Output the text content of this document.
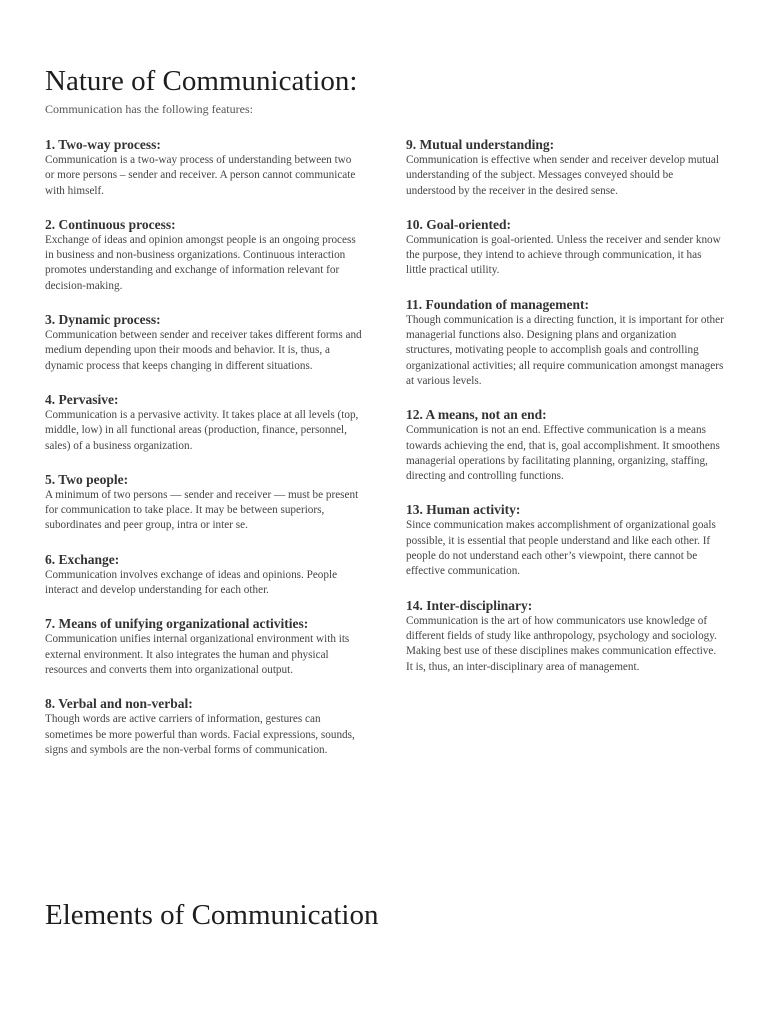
Nature of Communication:
Communication has the following features:
1. Two-way process:
Communication is a two-way process of understanding between two or more persons – sender and receiver. A person cannot communicate with himself.
2. Continuous process:
Exchange of ideas and opinion amongst people is an ongoing process in business and non-business organizations. Continuous interaction promotes understanding and exchange of information relevant for decision-making.
3. Dynamic process:
Communication between sender and receiver takes different forms and medium depending upon their moods and behavior. It is, thus, a dynamic process that keeps changing in different situations.
4. Pervasive:
Communication is a pervasive activity. It takes place at all levels (top, middle, low) in all functional areas (production, finance, personnel, sales) of a business organization.
5. Two people:
A minimum of two persons — sender and receiver — must be present for communication to take place. It may be between superiors, subordinates and peer group, intra or inter se.
6. Exchange:
Communication involves exchange of ideas and opinions. People interact and develop understanding for each other.
7. Means of unifying organizational activities:
Communication unifies internal organizational environment with its external environment. It also integrates the human and physical resources and converts them into organizational output.
8. Verbal and non-verbal:
Though words are active carriers of information, gestures can sometimes be more powerful than words. Facial expressions, sounds, signs and symbols are the non-verbal forms of communication.
9. Mutual understanding:
Communication is effective when sender and receiver develop mutual understanding of the subject. Messages conveyed should be understood by the receiver in the desired sense.
10. Goal-oriented:
Communication is goal-oriented. Unless the receiver and sender know the purpose, they intend to achieve through communication, it has little practical utility.
11. Foundation of management:
Though communication is a directing function, it is important for other managerial functions also. Designing plans and organization structures, motivating people to accomplish goals and controlling organizational activities; all require communication amongst managers at various levels.
12. A means, not an end:
Communication is not an end. Effective communication is a means towards achieving the end, that is, goal accomplishment. It smoothens managerial operations by facilitating planning, organizing, staffing, directing and controlling functions.
13. Human activity:
Since communication makes accomplishment of organizational goals possible, it is essential that people understand and like each other. If people do not understand each other’s viewpoint, there cannot be effective communication.
14. Inter-disciplinary:
Communication is the art of how communicators use knowledge of different fields of study like anthropology, psychology and sociology. Making best use of these disciplines makes communication effective. It is, thus, an inter-disciplinary area of management.
Elements of Communication
